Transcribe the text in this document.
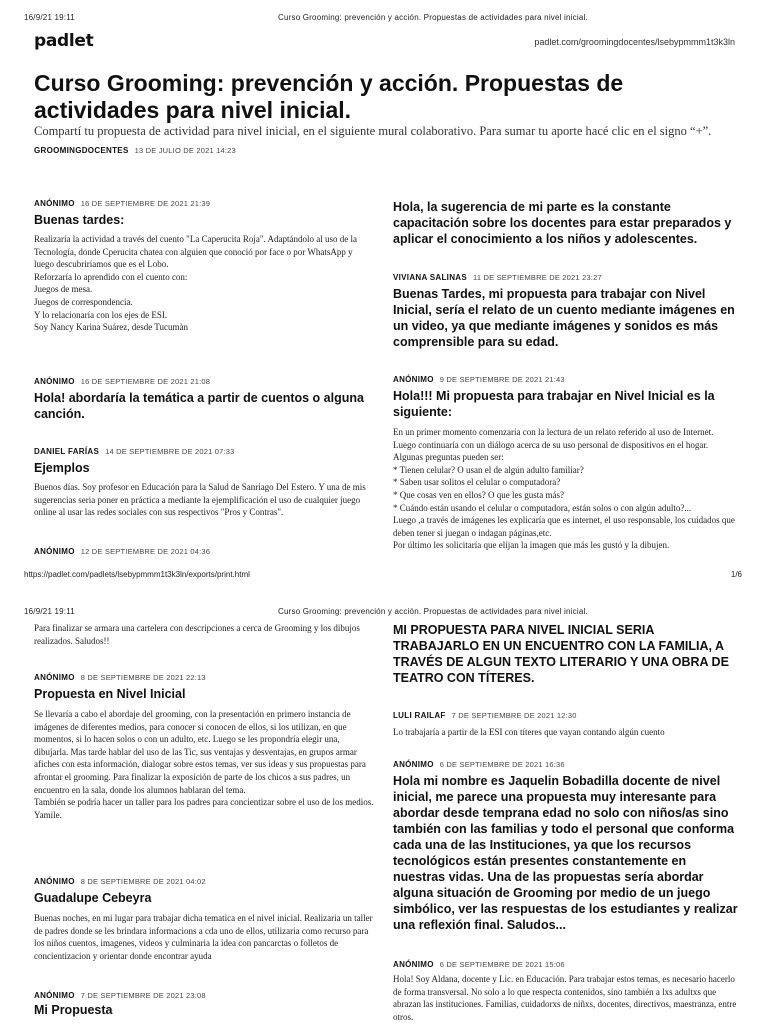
16/9/21 19:11	Curso Grooming: prevención y acción. Propuestas de actividades para nivel inicial.
padlet	padlet.com/groomingdocentes/lsebypmmm1t3k3ln
Curso Grooming: prevención y acción. Propuestas de actividades para nivel inicial.
Compartí tu propuesta de actividad para nivel inicial, en el siguiente mural colaborativo. Para sumar tu aporte hacé clic en el signo “+”.
GROOMINGDOCENTES 13 DE JULIO DE 2021 14:23
ANÓNIMO 16 DE SEPTIEMBRE DE 2021 21:39
Buenas tardes:
Realizaría la actividad a través del cuento "La Caperucita Roja". Adaptándolo al uso de la Tecnología, donde Cperucita chatea con alguien que conoció por face o por WhatsApp y luego descubriríamos que es el Lobo.
Reforzaría lo aprendido con el cuento con:
Juegos de mesa.
Juegos de correspondencia.
Y lo relacionaría con los ejes de ESI.
Soy Nancy Karina Suárez, desde Tucumàn
ANÓNIMO 16 DE SEPTIEMBRE DE 2021 21:08
Hola! abordaría la temática a partir de cuentos o alguna canción.
DANIEL FARÍAS 14 DE SEPTIEMBRE DE 2021 07:33
Ejemplos
Buenos días. Soy profesor en Educación para la Salud de Sanriago Del Estero. Y una de mis sugerencias seria poner en práctica a mediante la ejemplificación el uso de cualquier juego online al usar las redes sociales con sus respectivos "Pros y Contras".
ANÓNIMO 12 DE SEPTIEMBRE DE 2021 04:36
Hola, la sugerencia de mi parte es la constante capacitación sobre los docentes para estar preparados y aplicar el conocimiento a los niños y adolescentes.
VIVIANA SALINAS 11 DE SEPTIEMBRE DE 2021 23:27
Buenas Tardes, mi propuesta para trabajar con Nivel Inicial, sería el relato de un cuento mediante imágenes en un video, ya que mediante imágenes y sonidos es más comprensible para su edad.
ANÓNIMO 9 DE SEPTIEMBRE DE 2021 21:43
Hola!!! Mi propuesta para trabajar en Nivel Inicial es la siguiente:
En un primer momento comenzaría con la lectura de un relato referido al uso de Internet. Luego continuaría con un diálogo acerca de su uso personal de dispositivos en el hogar. Algunas preguntas pueden ser:
* Tienen celular? O usan el de algún adulto familiar?
* Saben usar solitos el celular o computadora?
* Que cosas ven en ellos? O que les gusta más?
* Cuándo están usando el celular o computadora, están solos o con algún adulto?...
Luego ,a través de imágenes les explicaría que es internet, el uso responsable, los cuidados que deben tener si juegan o indagan páginas,etc.
Por último les solicitaría que elijan la imagen que más les gustó y la dibujen.
https://padlet.com/padlets/lsebypmmm1t3k3ln/exports/print.html	1/6
16/9/21 19:11	Curso Grooming: prevención y acción. Propuestas de actividades para nivel inicial.
Para finalizar se armara una cartelera con descripciones a cerca de Grooming y los dibujos realizados. Saludos!!
ANÓNIMO 8 DE SEPTIEMBRE DE 2021 22:13
Propuesta en Nivel Inicial
Se llevaría a cabo el abordaje del grooming, con la presentación en primero instancia de imágenes de diferentes medios, para conocer si conocen de ellos, si los utilizan, en que momentos, si lo hacen solos o con un adulto, etc. Luego se les propondría elegir una, dibujarla. Mas tarde hablar del uso de las Tic, sus ventajas y desventajas, en grupos armar afiches con esta información, dialogar sobre estos temas, ver sus ideas y sus propuestas para afrontar el grooming. Para finalizar la exposición de parte de los chicos a sus padres, un encuentro en la sala, donde los alumnos hablaran del tema.
También se podría hacer un taller para los padres para concientizar sobre el uso de los medios.
Yamile.
ANÓNIMO 8 DE SEPTIEMBRE DE 2021 04:02
Guadalupe Cebeyra
Buenas noches, en mi lugar para trabajar dicha tematica en el nivel inicial. Realizaria un taller de padres donde se les brindara informacions a cda uno de ellos, utilizaria como recurso para los niños cuentos, imagenes, videos y culminaria la idea con pancarctas o folletos de concientizacion y orientar donde encontrar ayuda
ANÓNIMO 7 DE SEPTIEMBRE DE 2021 23:08
Mi Propuesta
MI PROPUESTA PARA NIVEL INICIAL SERIA TRABAJARLO EN UN ENCUENTRO CON LA FAMILIA, A TRAVÉS DE ALGUN TEXTO LITERARIO Y UNA OBRA DE TEATRO CON TÍTERES.
LULI RAILAF 7 DE SEPTIEMBRE DE 2021 12:30
Lo trabajaría a partir de la ESI con títeres que vayan contando algún cuento
ANÓNIMO 6 DE SEPTIEMBRE DE 2021 16:36
Hola mi nombre es Jaquelin Bobadilla docente de nivel inicial, me parece una propuesta muy interesante para abordar desde temprana edad no solo con niños/as sino también con las familias y todo el personal que conforma cada una de las Instituciones, ya que los recursos tecnológicos están presentes constantemente en nuestras vidas. Una de las propuestas sería abordar alguna situación de Grooming por medio de un juego simbólico, ver las respuestas de los estudiantes y realizar una reflexión final. Saludos...
ANÓNIMO 6 DE SEPTIEMBRE DE 2021 15:06
Hola! Soy Aldana, docente y Lic. en Educación. Para trabajar estos temas, es necesario hacerlo de forma transversal. No solo a lo que respecta contenidos, sino también a lxs adultxs que abrazan las instituciones. Familias, cuidadorxs de niñxs, docentes, directivos, maestranza, entre otros.
